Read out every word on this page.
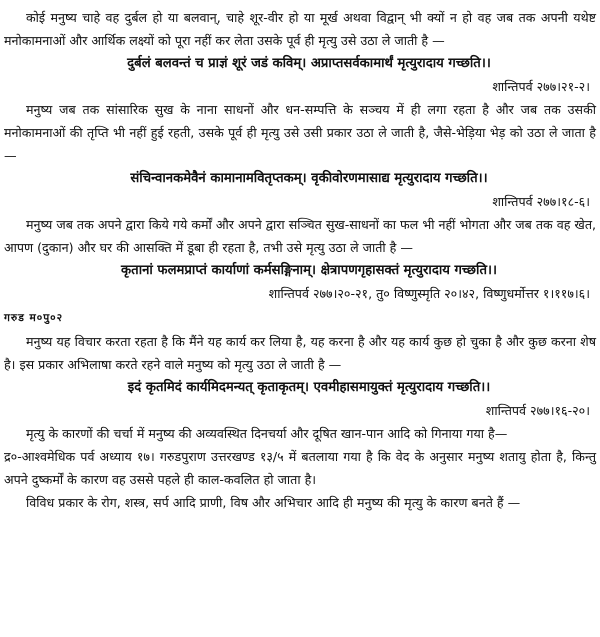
कोई मनुष्य चाहे वह दुर्बल हो या बलवान्, चाहे शूर-वीर हो या मूर्ख अथवा विद्वान् भी क्यों न हो वह जब तक अपनी यथेष्ट मनोकामनाओं और आर्थिक लक्ष्यों को पूरा नहीं कर लेता उसके पूर्व ही मृत्यु उसे उठा ले जाती है —

दुर्बलं बलवन्तं च प्राज्ञं शूरं जडं कविम्। अप्राप्तसर्वकामार्थं मृत्युरादाय गच्छति।।

शान्तिपर्व २७७।२१-२।

मनुष्य जब तक सांसारिक सुख के नाना साधनों और धन-सम्पत्ति के सञ्चय में ही लगा रहता है और जब तक उसकी मनोकामनाओं की तृप्ति भी नहीं हुई रहती, उसके पूर्व ही मृत्यु उसे उसी प्रकार उठा ले जाती है, जैसे-भेड़िया भेड़ को उठा ले जाता है—

संचिन्वानकमेवैनं कामानामवितृप्तकम्। वृकीवोरणमासाद्य मृत्युरादाय गच्छति।।

शान्तिपर्व २७७।१८-६।

मनुष्य जब तक अपने द्वारा किये गये कर्मों और अपने द्वारा सञ्चित सुख-साधनों का फल भी नहीं भोगता और जब तक वह खेत, आपण (दुकान) और घर की आसक्ति में डूबा ही रहता है, तभी उसे मृत्यु उठा ले जाती है —

कृतानां फलमप्राप्तं कार्याणां कर्मसङ्गिनाम्। क्षेत्रापणगृहासक्तं मृत्युरादाय गच्छति।।

शान्तिपर्व २७७।२०-२१, तु० विष्णुस्मृति २०।४२, विष्णुधर्मोत्तर १।११७।६।

गरुड म०पु०२

मनुष्य यह विचार करता रहता है कि मैंने यह कार्य कर लिया है, यह करना है और यह कार्य कुछ हो चुका है और कुछ करना शेष है। इस प्रकार अभिलाषा करते रहने वाले मनुष्य को मृत्यु उठा ले जाती है —

इदं कृतमिदं कार्यमिदमन्यत् कृताकृतम्। एवमीहासमायुक्तं मृत्युरादाय गच्छति।।

शान्तिपर्व २७७।१६-२०।

मृत्यु के कारणों की चर्चा में मनुष्य की अव्यवस्थित दिनचर्या और दूषित खान-पान आदि को गिनाया गया है—

द्र०-आश्वमेधिक पर्व अध्याय १७। गरुडपुराण उत्तरखण्ड १३/५ में बतलाया गया है कि वेद के अनुसार मनुष्य शतायु होता है, किन्तु अपने दुष्कर्मों के कारण वह उससे पहले ही काल-कवलित हो जाता है।

विविध प्रकार के रोग, शस्त्र, सर्प आदि प्राणी, विष और अभिचार आदि ही मनुष्य की मृत्यु के कारण बनते हैं —
